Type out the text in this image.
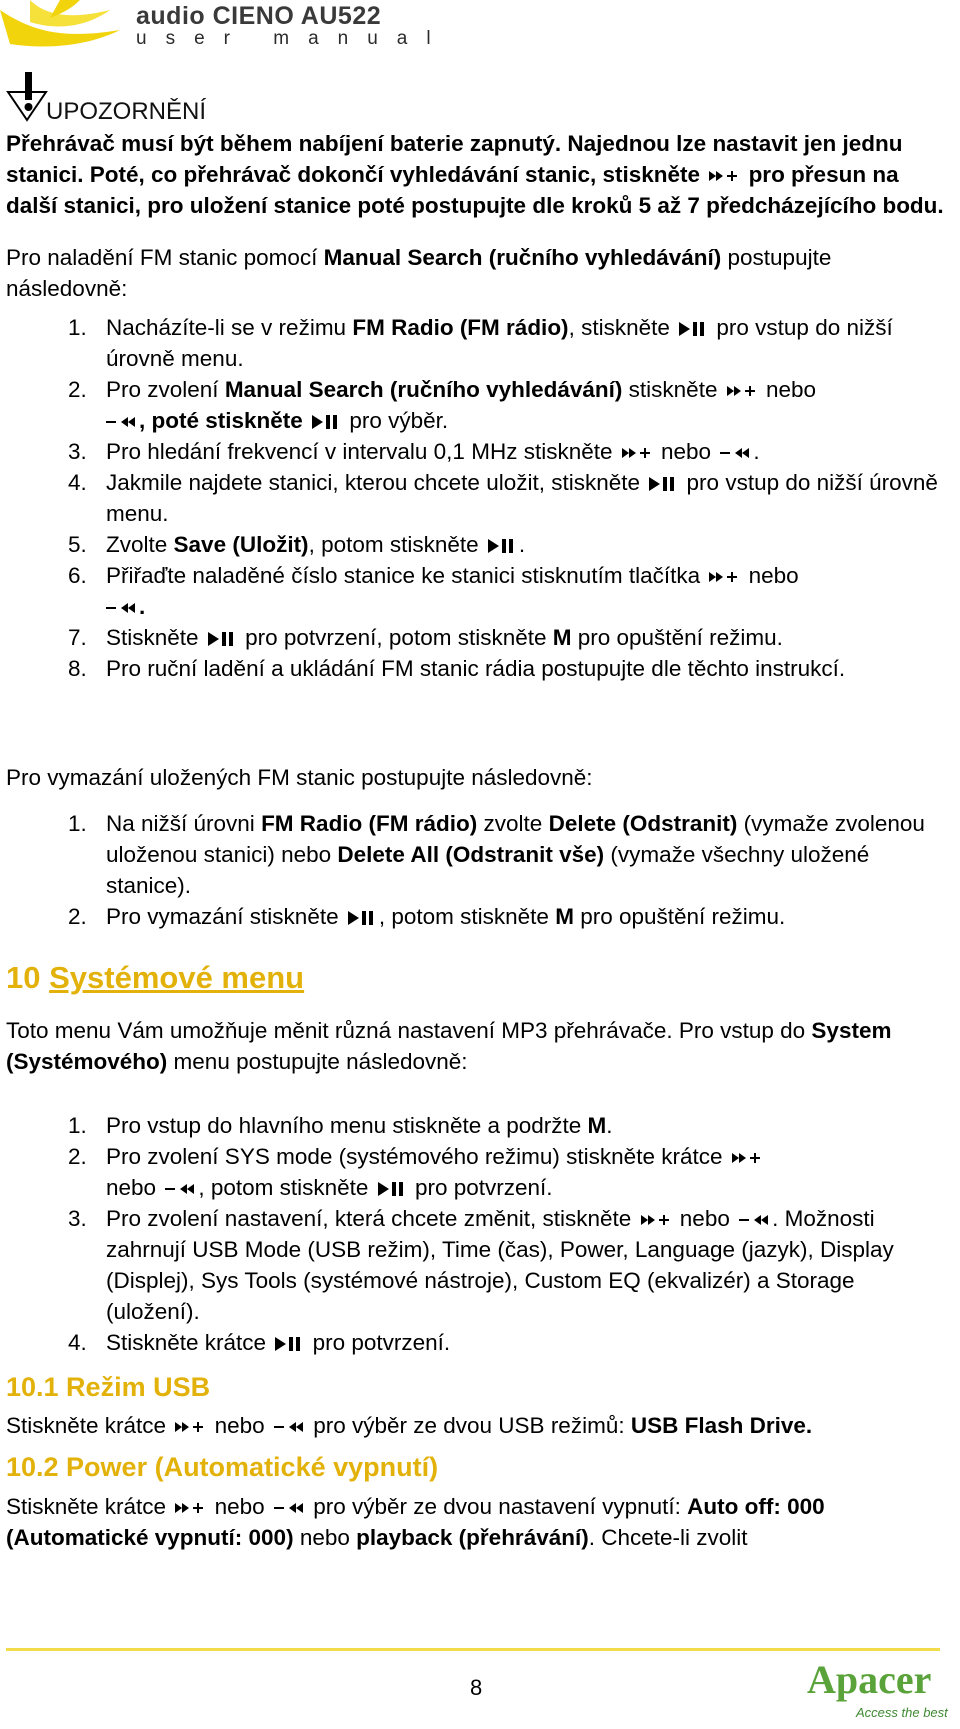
audio CIENO AU522
user manual
UPOZORNĚNÍ
Přehrávač musí být během nabíjení baterie zapnutý. Najednou lze nastavit jen jednu stanici. Poté, co přehrávač dokončí vyhledávání stanic, stiskněte pro přesun na další stanici, pro uložení stanice poté postupujte dle kroků 5 až 7 předcházejícího bodu.
Pro naladění FM stanic pomocí Manual Search (ručního vyhledávání) postupujte následovně:
1. Nacházíte-li se v režimu FM Radio (FM rádio), stiskněte pro vstup do nižší úrovně menu.
2. Pro zvolení Manual Search (ručního vyhledávání) stiskněte nebo
, poté stiskněte pro výběr.
3. Pro hledání frekvencí v intervalu 0,1 MHz stiskněte nebo .
4. Jakmile najdete stanici, kterou chcete uložit, stiskněte pro vstup do nižší úrovně menu.
5. Zvolte Save (Uložit), potom stiskněte .
6. Přiřaďte naladěné číslo stanice ke stanici stisknutím tlačítka nebo
.
7. Stiskněte pro potvrzení, potom stiskněte M pro opuštění režimu.
8. Pro ruční ladění a ukládání FM stanic rádia postupujte dle těchto instrukcí.
Pro vymazání uložených FM stanic postupujte následovně:
1. Na nižší úrovni FM Radio (FM rádio) zvolte Delete (Odstranit) (vymaže zvolenou uloženou stanici) nebo Delete All (Odstranit vše) (vymaže všechny uložené stanice).
2. Pro vymazání stiskněte , potom stiskněte M pro opuštění režimu.
10 Systémové menu
Toto menu Vám umožňuje měnit různá nastavení MP3 přehrávače. Pro vstup do System (Systémového) menu postupujte následovně:
1. Pro vstup do hlavního menu stiskněte a podržte M.
2. Pro zvolení SYS mode (systémového režimu) stiskněte krátce
nebo , potom stiskněte pro potvrzení.
3. Pro zvolení nastavení, která chcete změnit, stiskněte nebo . Možnosti zahrnují USB Mode (USB režim), Time (čas), Power, Language (jazyk), Display (Displej), Sys Tools (systémové nástroje), Custom EQ (ekvalizér) a Storage (uložení).
4. Stiskněte krátce pro potvrzení.
10.1 Režim USB
Stiskněte krátce nebo pro výběr ze dvou USB režimů: USB Flash Drive.
10.2 Power (Automatické vypnutí)
Stiskněte krátce nebo pro výběr ze dvou nastavení vypnutí: Auto off: 000 (Automatické vypnutí: 000) nebo playback (přehrávání). Chcete-li zvolit
8	Apacer
Access the best
